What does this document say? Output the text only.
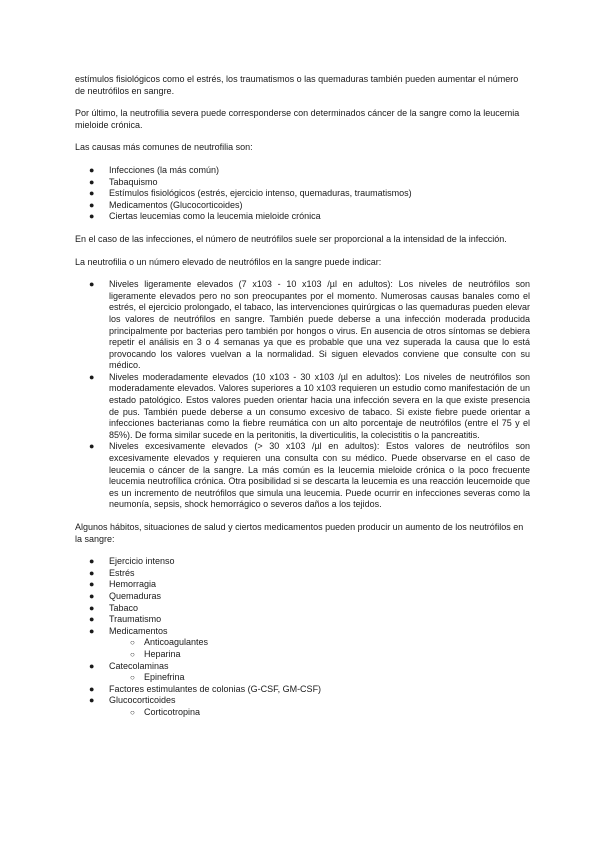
estímulos fisiológicos como el estrés, los traumatismos o las quemaduras también pueden aumentar el número de neutrófilos en sangre.

Por último, la neutrofilia severa puede corresponderse con determinados cáncer de la sangre como la leucemia mieloide crónica.

Las causas más comunes de neutrofilia son:

● Infecciones (la más común)
● Tabaquismo
● Estímulos fisiológicos (estrés, ejercicio intenso, quemaduras, traumatismos)
● Medicamentos (Glucocorticoides)
● Ciertas leucemias como la leucemia mieloide crónica

En el caso de las infecciones, el número de neutrófilos suele ser proporcional a la intensidad de la infección.

La neutrofilia o un número elevado de neutrófilos en la sangre puede indicar:

● Niveles ligeramente elevados (7 x103 - 10 x103 /µl en adultos): Los niveles de neutrófilos son ligeramente elevados pero no son preocupantes por el momento. Numerosas causas banales como el estrés, el ejercicio prolongado, el tabaco, las intervenciones quirúrgicas o las quemaduras pueden elevar los valores de neutrófilos en sangre. También puede deberse a una infección moderada producida principalmente por bacterias pero también por hongos o virus. En ausencia de otros síntomas se debiera repetir el análisis en 3 o 4 semanas ya que es probable que una vez superada la causa que lo está provocando los valores vuelvan a la normalidad. Si siguen elevados conviene que consulte con su médico.
● Niveles moderadamente elevados (10 x103 - 30 x103 /µl en adultos): Los niveles de neutrófilos son moderadamente elevados. Valores superiores a 10 x103 requieren un estudio como manifestación de un estado patológico. Estos valores pueden orientar hacia una infección severa en la que existe presencia de pus. También puede deberse a un consumo excesivo de tabaco. Si existe fiebre puede orientar a infecciones bacterianas como la fiebre reumática con un alto porcentaje de neutrófilos (entre el 75 y el 85%). De forma similar sucede en la peritonitis, la diverticulitis, la colecistitis o la pancreatitis.
● Niveles excesivamente elevados (> 30 x103 /µl en adultos): Estos valores de neutrófilos son excesivamente elevados y requieren una consulta con su médico. Puede observarse en el caso de leucemia o cáncer de la sangre. La más común es la leucemia mieloide crónica o la poco frecuente leucemia neutrofílica crónica. Otra posibilidad si se descarta la leucemia es una reacción leucemoide que es un incremento de neutrófilos que simula una leucemia. Puede ocurrir en infecciones severas como la neumonía, sepsis, shock hemorrágico o severos daños a los tejidos.

Algunos hábitos, situaciones de salud y ciertos medicamentos pueden producir un aumento de los neutrófilos en la sangre:

● Ejercicio intenso
● Estrés
● Hemorragia
● Quemaduras
● Tabaco
● Traumatismo
● Medicamentos
○ Anticoagulantes
○ Heparina
● Catecolaminas
○ Epinefrina
● Factores estimulantes de colonias (G-CSF, GM-CSF)
● Glucocorticoides
○ Corticotropina
